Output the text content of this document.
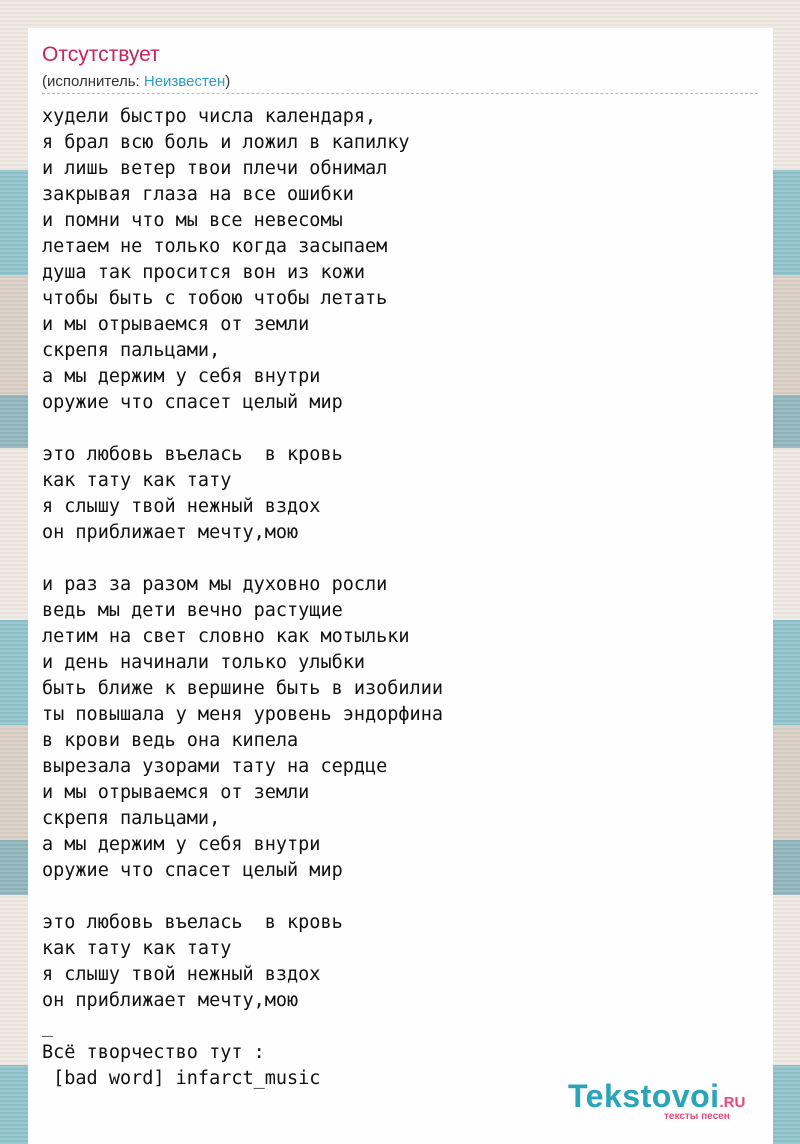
Отсутствует
(исполнитель: Неизвестен)
худели быстро числа календаря,
я брал всю боль и ложил в капилку
и лишь ветер твои плечи обнимал
закрывая глаза на все ошибки
и помни что мы все невесомы
летаем не только когда засыпаем
душа так просится вон из кожи
чтобы быть с тобою чтобы летать
и мы отрываемся от земли
скрепя пальцами,
а мы держим у себя внутри
оружие что спасет целый мир

это любовь въелась  в кровь
как тату как тату
я слышу твой нежный вздох
он приближает мечту,мою

и раз за разом мы духовно росли
ведь мы дети вечно растущие
летим на свет словно как мотыльки
и день начинали только улыбки
быть ближе к вершине быть в изобилии
ты повышала у меня уровень эндорфина
в крови ведь она кипела
вырезала узорами тату на сердце
и мы отрываемся от земли
скрепя пальцами,
а мы держим у себя внутри
оружие что спасет целый мир

это любовь въелась  в кровь
как тату как тату
я слышу твой нежный вздох
он приближает мечту,мою
_
Всё творчество тут :
[bad word] infarct_music	Tekstovoi.RU
тексты песен
